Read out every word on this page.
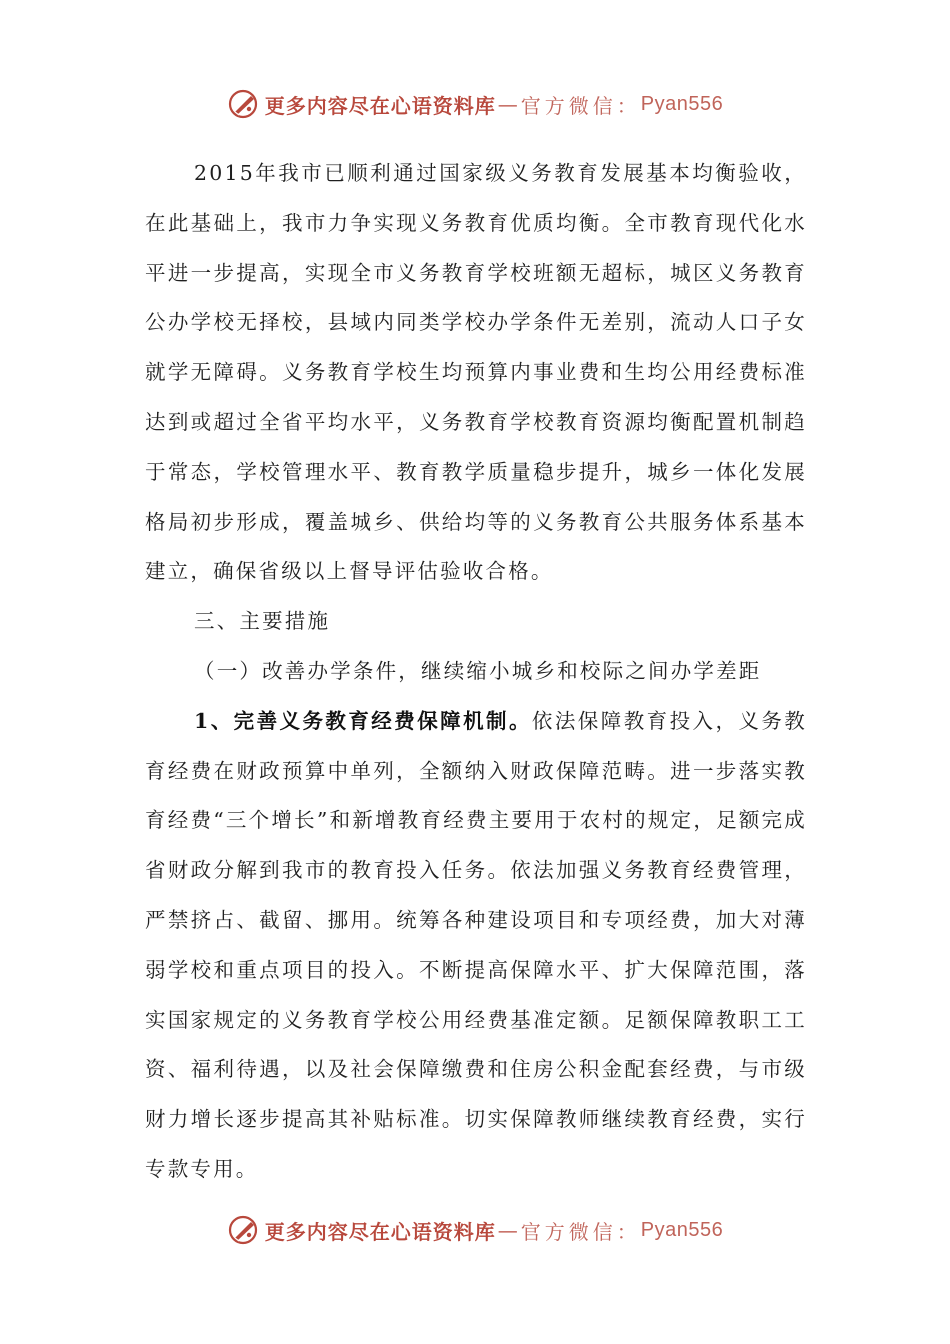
更多内容尽在心语资料库 — 官方微信： Pyan556

2015年我市已顺利通过国家级义务教育发展基本均衡验收，在此基础上，我市力争实现义务教育优质均衡。全市教育现代化水平进一步提高，实现全市义务教育学校班额无超标，城区义务教育公办学校无择校，县域内同类学校办学条件无差别，流动人口子女就学无障碍。义务教育学校生均预算内事业费和生均公用经费标准达到或超过全省平均水平，义务教育学校教育资源均衡配置机制趋于常态，学校管理水平、教育教学质量稳步提升，城乡一体化发展格局初步形成，覆盖城乡、供给均等的义务教育公共服务体系基本建立，确保省级以上督导评估验收合格。

三、主要措施

（一）改善办学条件，继续缩小城乡和校际之间办学差距

1、完善义务教育经费保障机制。依法保障教育投入，义务教育经费在财政预算中单列，全额纳入财政保障范畴。进一步落实教育经费“三个增长”和新增教育经费主要用于农村的规定，足额完成省财政分解到我市的教育投入任务。依法加强义务教育经费管理，严禁挤占、截留、挪用。统筹各种建设项目和专项经费，加大对薄弱学校和重点项目的投入。不断提高保障水平、扩大保障范围，落实国家规定的义务教育学校公用经费基准定额。足额保障教职工工资、福利待遇，以及社会保障缴费和住房公积金配套经费，与市级财力增长逐步提高其补贴标准。切实保障教师继续教育经费，实行专款专用。

更多内容尽在心语资料库 — 官方微信： Pyan556
